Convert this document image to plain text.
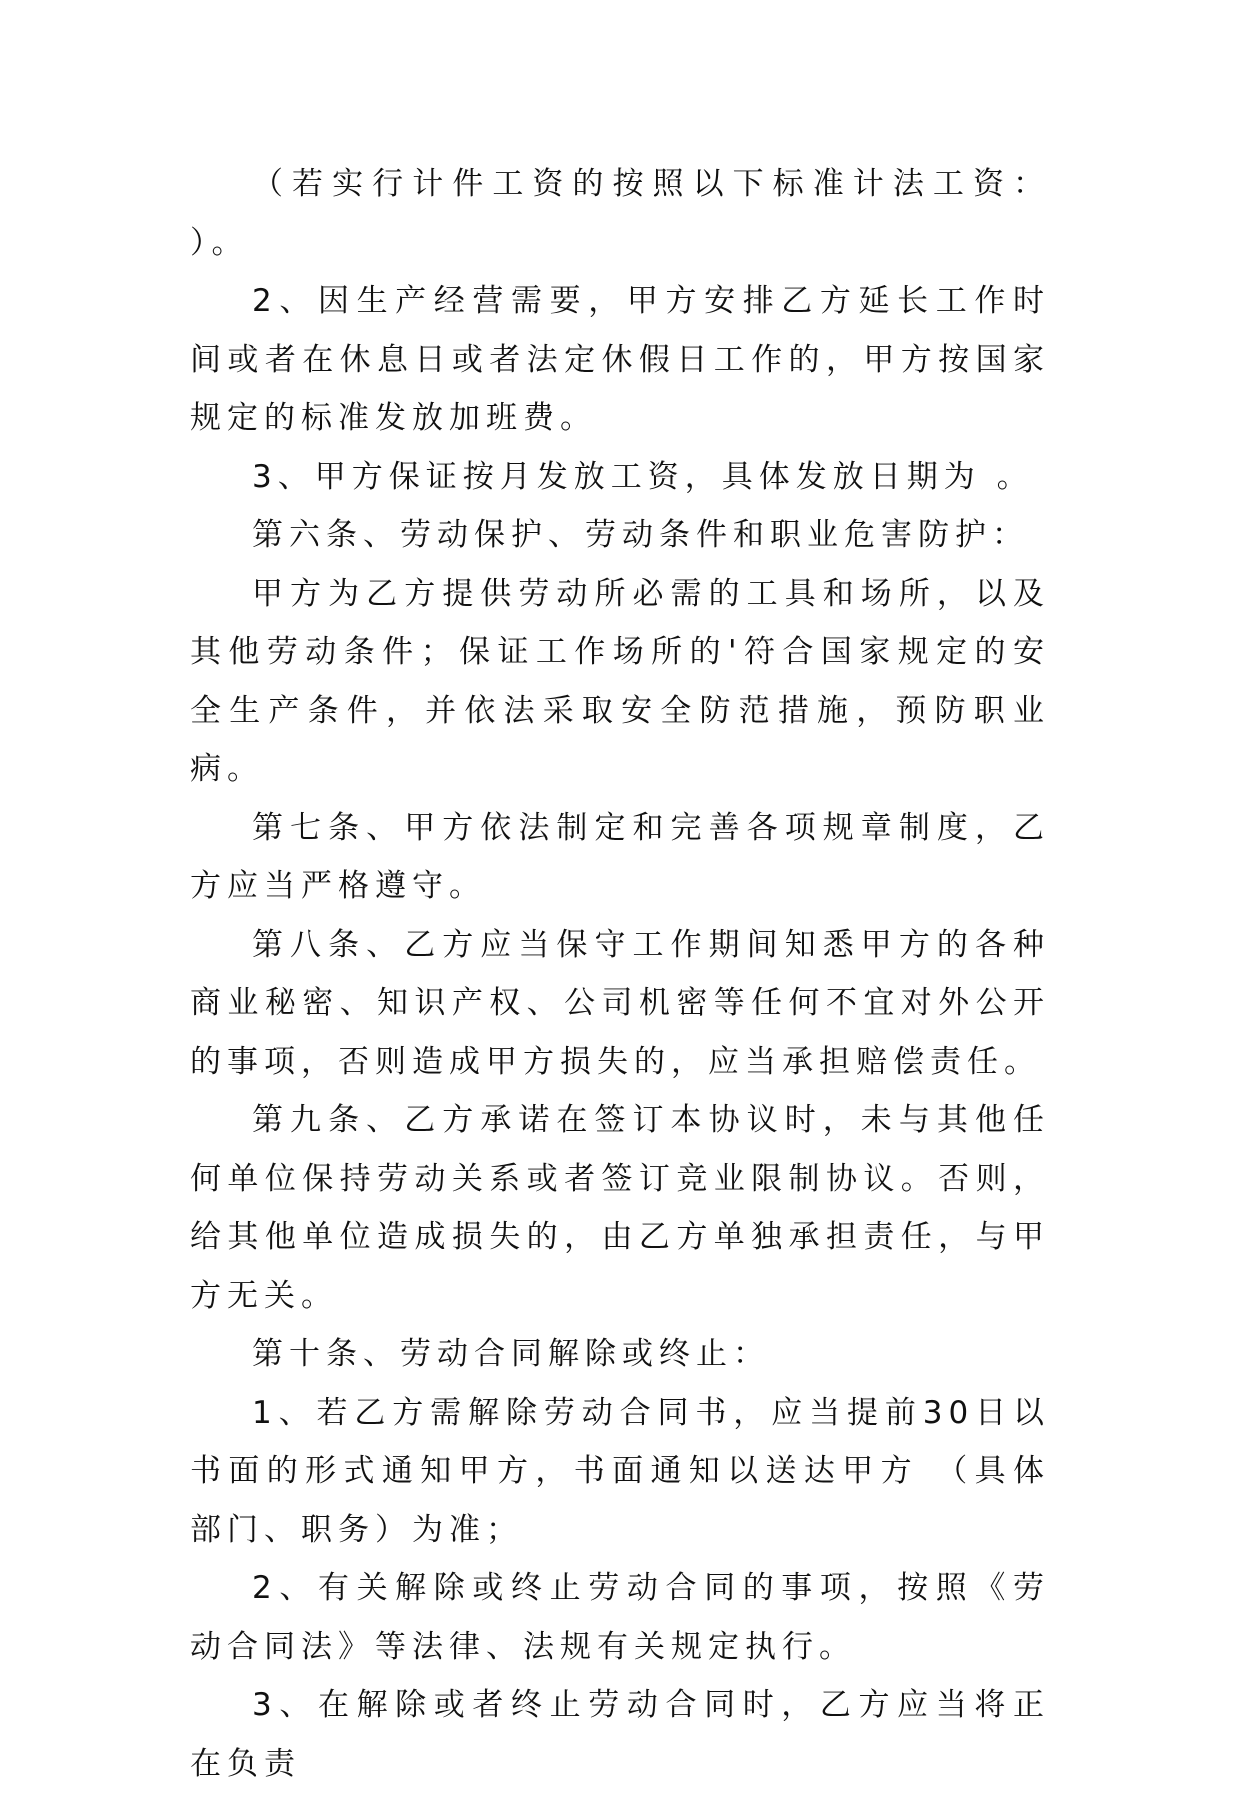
（若实行计件工资的按照以下标准计法工资： ）。

2、因生产经营需要，甲方安排乙方延长工作时间或者在休息日或者法定休假日工作的，甲方按国家规定的标准发放加班费。

3、甲方保证按月发放工资，具体发放日期为 。

第六条、劳动保护、劳动条件和职业危害防护：

甲方为乙方提供劳动所必需的工具和场所，以及其他劳动条件；保证工作场所的'符合国家规定的安全生产条件，并依法采取安全防范措施，预防职业病。

第七条、甲方依法制定和完善各项规章制度，乙方应当严格遵守。

第八条、乙方应当保守工作期间知悉甲方的各种商业秘密、知识产权、公司机密等任何不宜对外公开的事项，否则造成甲方损失的，应当承担赔偿责任。

第九条、乙方承诺在签订本协议时，未与其他任何单位保持劳动关系或者签订竞业限制协议。否则，给其他单位造成损失的，由乙方单独承担责任，与甲方无关。

第十条、劳动合同解除或终止：

1、若乙方需解除劳动合同书，应当提前30日以书面的形式通知甲方，书面通知以送达甲方 （具体部门、职务）为准；

2、有关解除或终止劳动合同的事项，按照《劳动合同法》等法律、法规有关规定执行。

3、在解除或者终止劳动合同时，乙方应当将正在负责
